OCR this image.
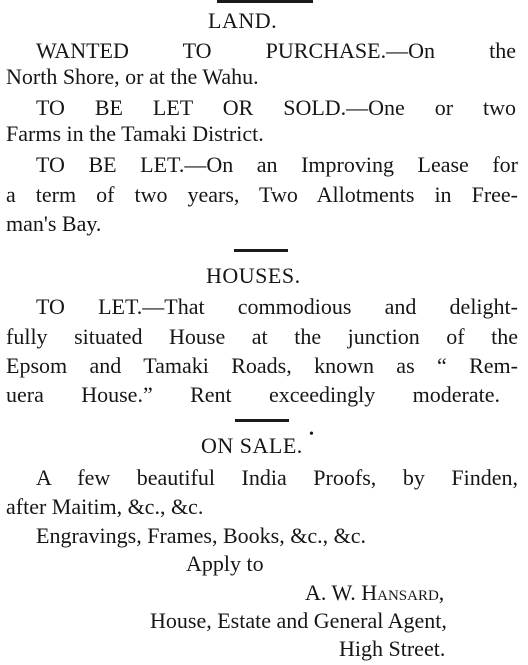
LAND.
WANTED TO PURCHASE.—On the
North Shore, or at the Wahu.
TO BE LET OR SOLD.—One or two
Farms in the Tamaki District.
TO BE LET.—On an Improving Lease for
a term of two years, Two Allotments in Free-
man's Bay.
HOUSES.
TO LET.—That commodious and delight-
fully situated House at the junction of the
Epsom and Tamaki Roads, known as “ Rem-
uera House.” Rent exceedingly moderate.
ON SALE. •
A few beautiful India Proofs, by Finden,
after Maitim, &c., &c.
Engravings, Frames, Books, &c., &c.
Apply to
A. W. Hansard,
House, Estate and General Agent,
High Street.
